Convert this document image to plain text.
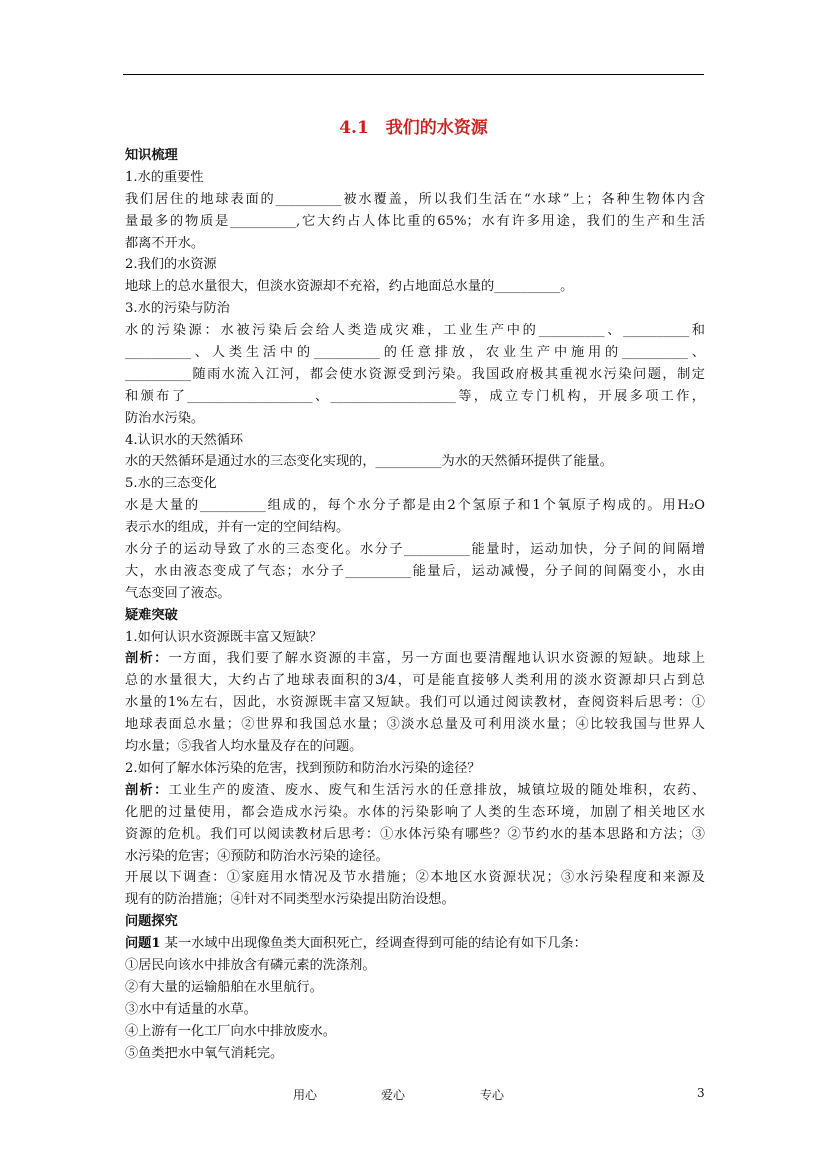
4.1　我们的水资源
知识梳理
1.水的重要性
我们居住的地球表面的__________被水覆盖，所以我们生活在“水球”上；各种生物体内含
量最多的物质是__________,它大约占人体比重的65%；水有许多用途，我们的生产和生活
都离不开水。
2.我们的水资源
地球上的总水量很大，但淡水资源却不充裕，约占地面总水量的__________。
3.水的污染与防治
水的污染源：水被污染后会给人类造成灾难，工业生产中的__________、__________和
__________、人类生活中的__________的任意排放，农业生产中施用的__________、
__________随雨水流入江河，都会使水资源受到污染。我国政府极其重视水污染问题，制定
和颁布了___________________、___________________等，成立专门机构，开展多项工作，
防治水污染。
4.认识水的天然循环
水的天然循环是通过水的三态变化实现的，__________为水的天然循环提供了能量。
5.水的三态变化
水是大量的__________组成的，每个水分子都是由2个氢原子和1个氧原子构成的。用H₂O
表示水的组成，并有一定的空间结构。
水分子的运动导致了水的三态变化。水分子__________能量时，运动加快，分子间的间隔增
大，水由液态变成了气态；水分子__________能量后，运动减慢，分子间的间隔变小，水由
气态变回了液态。
疑难突破
1.如何认识水资源既丰富又短缺？
剖析：一方面，我们要了解水资源的丰富，另一方面也要清醒地认识水资源的短缺。地球上
总的水量很大，大约占了地球表面积的3/4，可是能直接够人类利用的淡水资源却只占到总
水量的1%左右，因此，水资源既丰富又短缺。我们可以通过阅读教材，查阅资料后思考：①
地球表面总水量；②世界和我国总水量；③淡水总量及可利用淡水量；④比较我国与世界人
均水量；⑤我省人均水量及存在的问题。
2.如何了解水体污染的危害，找到预防和防治水污染的途径？
剖析：工业生产的废渣、废水、废气和生活污水的任意排放，城镇垃圾的随处堆积，农药、
化肥的过量使用，都会造成水污染。水体的污染影响了人类的生态环境，加剧了相关地区水
资源的危机。我们可以阅读教材后思考：①水体污染有哪些？②节约水的基本思路和方法；③
水污染的危害；④预防和防治水污染的途径。
开展以下调查：①家庭用水情况及节水措施；②本地区水资源状况；③水污染程度和来源及
现有的防治措施；④针对不同类型水污染提出防治设想。
问题探究
问题1 某一水域中出现像鱼类大面积死亡，经调查得到可能的结论有如下几条：
①居民向该水中排放含有磷元素的洗涤剂。
②有大量的运输船舶在水里航行。
③水中有适量的水草。
④上游有一化工厂向水中排放废水。
⑤鱼类把水中氧气消耗完。
用心	爱心	专心	3
